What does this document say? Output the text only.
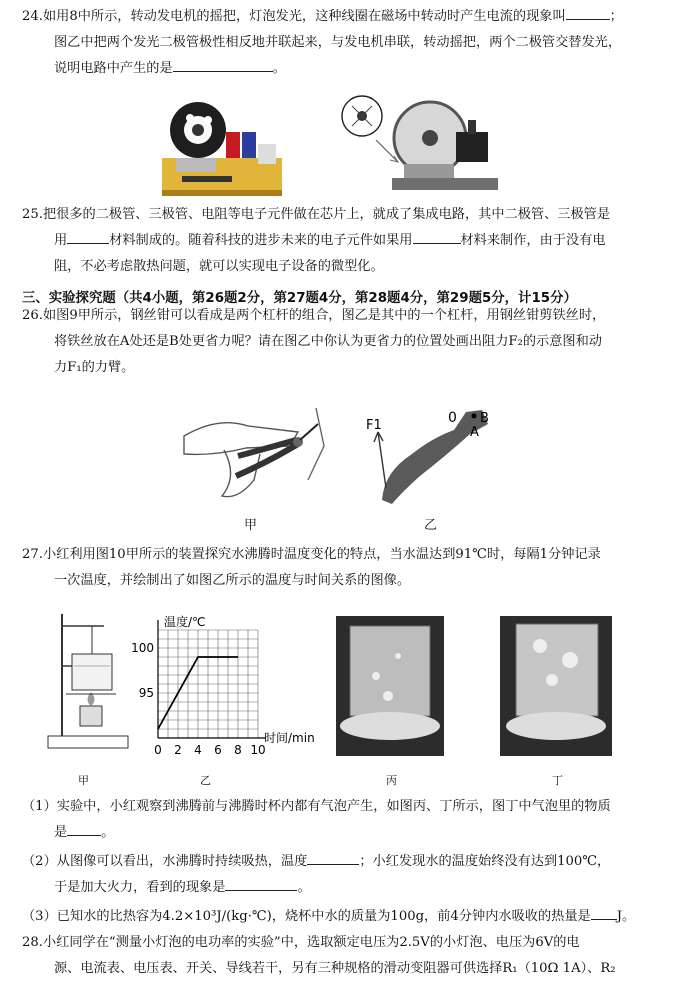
24.如用8中所示，转动发电机的摇把，灯泡发光，这种线圈在磁场中转动时产生电流的现象叫	；

图乙中把两个发光二极管极性相反地并联起来，与发电机串联，转动摇把，两个二极管交替发光，

说明电路中产生的是	。

25.把很多的二极管、三极管、电阻等电子元件做在芯片上，就成了集成电路，其中二极管、三极管是

用	材料制成的。随着科技的进步未来的电子元件如果用	材料来制作，由于没有电

阻，不必考虑散热问题，就可以实现电子设备的微型化。

三、实验探究题（共4小题，第26题2分，第27题4分，第28题4分，第29题5分，计15分）

26.如图9甲所示，钢丝钳可以看成是两个杠杆的组合，图乙是其中的一个杠杆，用钢丝钳剪铁丝时，

将铁丝放在A处还是B处更省力呢？请在图乙中你认为更省力的位置处画出阻力F₂的示意图和动

力F₁的力臂。

F1	0
A
B
甲	乙

27.小红利用图10甲所示的装置探究水沸腾时温度变化的特点，当水温达到91℃时，每隔1分钟记录

一次温度，并绘制出了如图乙所示的温度与时间关系的图像。

温度/℃
时间/min
0 2 4 6 8 10
95
100
甲	乙	丙	丁

（1）实验中，小红观察到沸腾前与沸腾时杯内都有气泡产生，如图丙、丁所示，图丁中气泡里的物质

是	。

（2）从图像可以看出，水沸腾时持续吸热，温度	；小红发现水的温度始终没有达到100℃，

于是加大火力，看到的现象是	。

（3）已知水的比热容为4.2×10³J/(kg·℃)，烧杯中水的质量为100g，前4分钟内水吸收的热量是 J。

28.小红同学在“测量小灯泡的电功率的实验”中，选取额定电压为2.5V的小灯泡、电压为6V的电

源、电流表、电压表、开关、导线若干，另有三种规格的滑动变阻器可供选择R₁（10Ω 1A）、R₂
